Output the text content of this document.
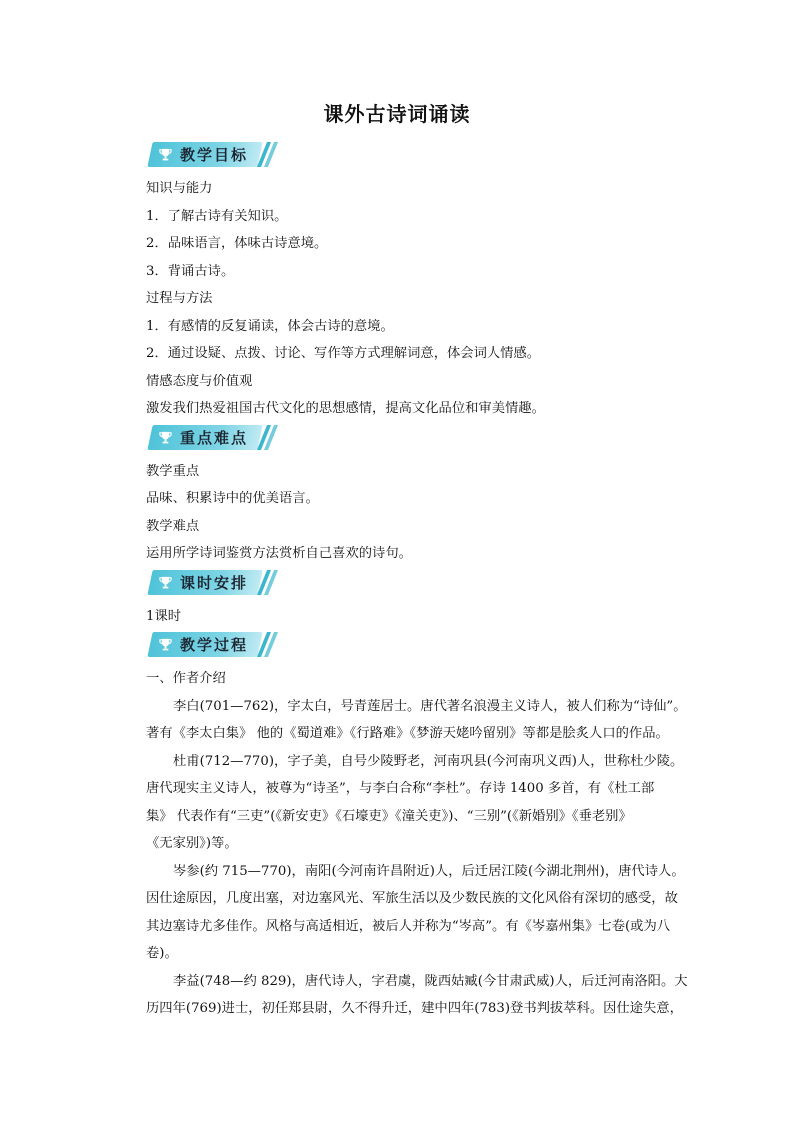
课外古诗词诵读
教学目标

知识与能力

1．了解古诗有关知识。

2．品味语言，体味古诗意境。

3．背诵古诗。

过程与方法

1．有感情的反复诵读，体会古诗的意境。

2．通过设疑、点拨、讨论、写作等方式理解词意，体会词人情感。

情感态度与价值观

激发我们热爱祖国古代文化的思想感情，提高文化品位和审美情趣。

重点难点

教学重点

品味、积累诗中的优美语言。

教学难点

运用所学诗词鉴赏方法赏析自己喜欢的诗句。

课时安排

1课时

教学过程

一、作者介绍

李白(701—762)，字太白，号青莲居士。唐代著名浪漫主义诗人，被人们称为“诗仙”。

著有《李太白集》 他的《蜀道难》《行路难》《梦游天姥吟留别》等都是脍炙人口的作品。

杜甫(712—770)，字子美，自号少陵野老，河南巩县(今河南巩义西)人，世称杜少陵。

唐代现实主义诗人，被尊为“诗圣”，与李白合称“李杜”。存诗 1400 多首，有《杜工部

集》 代表作有“三吏”(《新安吏》《石壕吏》《潼关吏》)、“三别”(《新婚别》《垂老别》

《无家别》)等。

岑参(约 715—770)，南阳(今河南许昌附近)人，后迁居江陵(今湖北荆州)，唐代诗人。

因仕途原因，几度出塞，对边塞风光、军旅生活以及少数民族的文化风俗有深切的感受，故

其边塞诗尤多佳作。风格与高适相近，被后人并称为“岑高”。有《岑嘉州集》七卷(或为八

卷)。

李益(748—约 829)，唐代诗人，字君虞，陇西姑臧(今甘肃武威)人，后迁河南洛阳。大

历四年(769)进士，初任郑县尉，久不得升迁，建中四年(783)登书判拔萃科。因仕途失意，
